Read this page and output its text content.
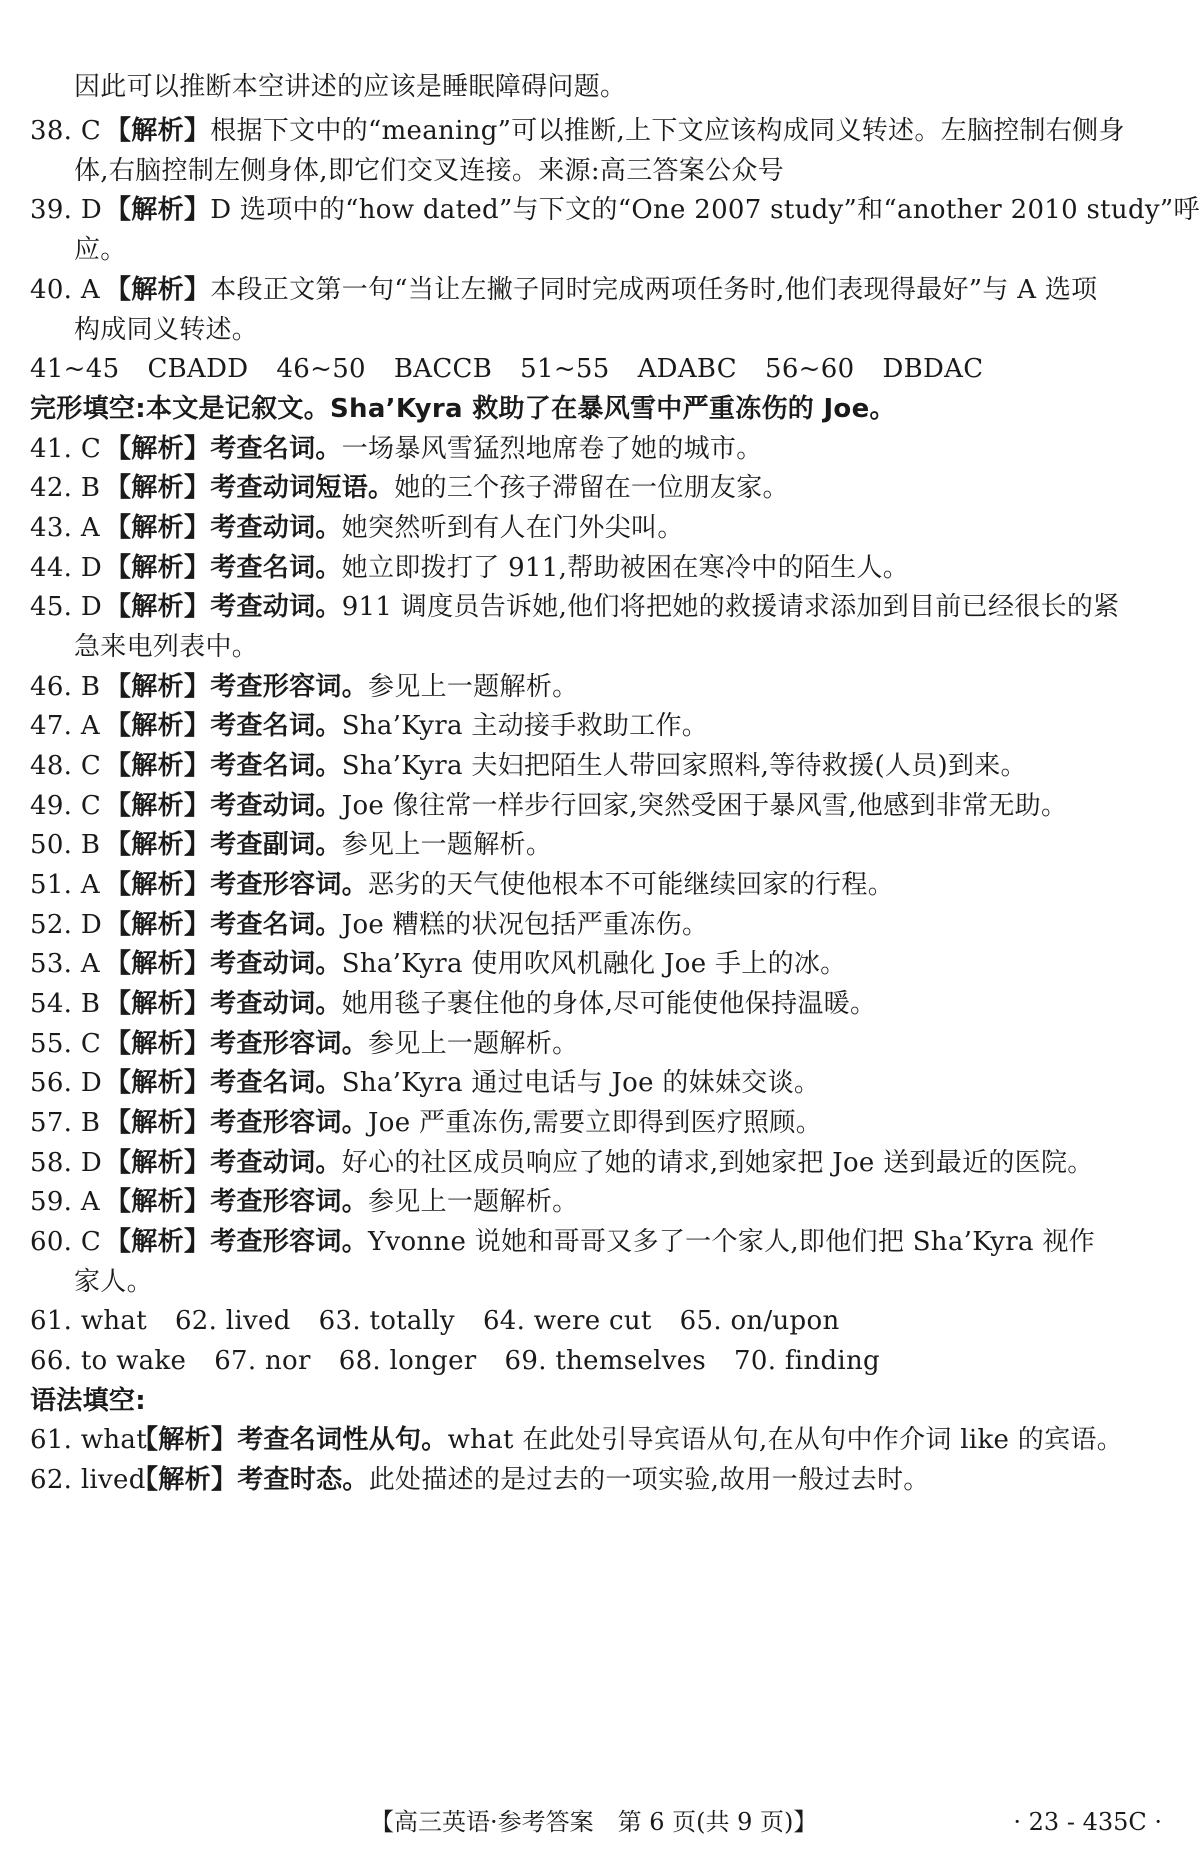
因此可以推断本空讲述的应该是睡眠障碍问题。
38. C 【解析】根据下文中的“meaning”可以推断,上下文应该构成同义转述。左脑控制右侧身
体,右脑控制左侧身体,即它们交叉连接。来源:高三答案公众号
39. D 【解析】D 选项中的“how dated”与下文的“One 2007 study”和“another 2010 study”呼
应。
40. A 【解析】本段正文第一句“当让左撇子同时完成两项任务时,他们表现得最好”与 A 选项
构成同义转述。
41~45 CBADD 46~50 BACCB 51~55 ADABC 56~60 DBDAC
完形填空:本文是记叙文。Sha’Kyra 救助了在暴风雪中严重冻伤的 Joe。
41. C 【解析】考查名词。一场暴风雪猛烈地席卷了她的城市。
42. B 【解析】考查动词短语。她的三个孩子滞留在一位朋友家。
43. A 【解析】考查动词。她突然听到有人在门外尖叫。
44. D 【解析】考查名词。她立即拨打了 911,帮助被困在寒冷中的陌生人。
45. D 【解析】考查动词。911 调度员告诉她,他们将把她的救援请求添加到目前已经很长的紧
急来电列表中。
46. B 【解析】考查形容词。参见上一题解析。
47. A 【解析】考查名词。Sha’Kyra 主动接手救助工作。
48. C 【解析】考查名词。Sha’Kyra 夫妇把陌生人带回家照料,等待救援(人员)到来。
49. C 【解析】考查动词。Joe 像往常一样步行回家,突然受困于暴风雪,他感到非常无助。
50. B 【解析】考查副词。参见上一题解析。
51. A 【解析】考查形容词。恶劣的天气使他根本不可能继续回家的行程。
52. D 【解析】考查名词。Joe 糟糕的状况包括严重冻伤。
53. A 【解析】考查动词。Sha’Kyra 使用吹风机融化 Joe 手上的冰。
54. B 【解析】考查动词。她用毯子裹住他的身体,尽可能使他保持温暖。
55. C 【解析】考查形容词。参见上一题解析。
56. D 【解析】考查名词。Sha’Kyra 通过电话与 Joe 的妹妹交谈。
57. B 【解析】考查形容词。Joe 严重冻伤,需要立即得到医疗照顾。
58. D 【解析】考查动词。好心的社区成员响应了她的请求,到她家把 Joe 送到最近的医院。
59. A 【解析】考查形容词。参见上一题解析。
60. C 【解析】考查形容词。Yvonne 说她和哥哥又多了一个家人,即他们把 Sha’Kyra 视作
家人。
61. what 62. lived 63. totally 64. were cut 65. on/upon
66. to wake 67. nor 68. longer 69. themselves 70. finding
语法填空:
61. what【解析】考查名词性从句。what 在此处引导宾语从句,在从句中作介词 like 的宾语。
62. lived【解析】考查时态。此处描述的是过去的一项实验,故用一般过去时。
【高三英语·参考答案　第 6 页(共 9 页)】	· 23 - 435C ·
